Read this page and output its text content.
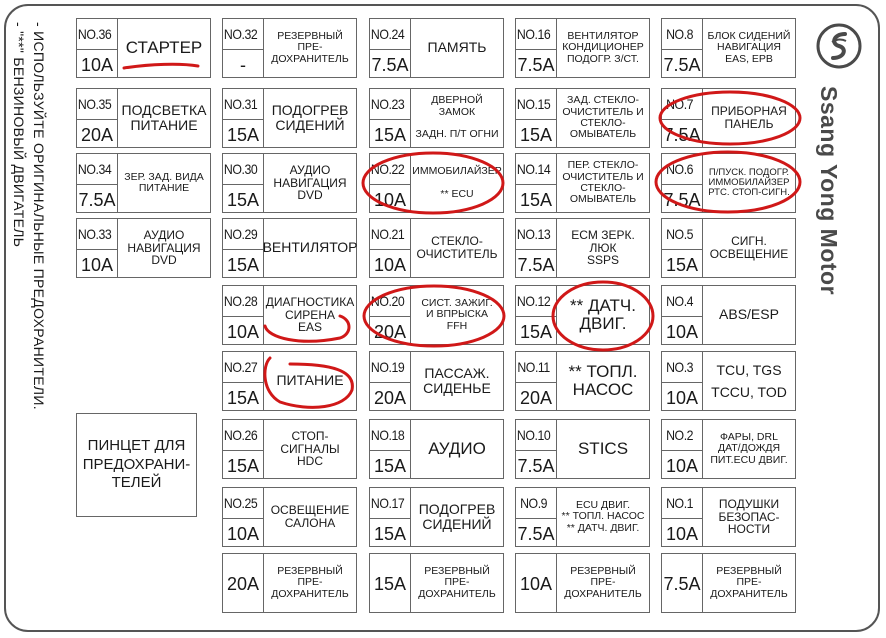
- ИСПОЛЬЗУЙТЕ ОРИГИНАЛЬНЫЕ ПРЕДОХРАНИТЕЛИ.
- "**" БЕНЗИНОВЫЙ ДВИГАТЕЛЬ	NO.36
10A
СТАРТЕР
NO.35
20A
ПОДСВЕТКА
ПИТАНИЕ
NO.34
7.5A
ЗЕР. ЗАД. ВИДА
ПИТАНИЕ
NO.33
10A
АУДИО
НАВИГАЦИЯ
DVD
ПИНЦЕТ ДЛЯ
ПРЕДОХРАНИ-
ТЕЛЕЙ
NO.32
-
РЕЗЕРВНЫЙ ПРЕ-
ДОХРАНИТЕЛЬ
NO.31
15A
ПОДОГРЕВ
СИДЕНИЙ
NO.30
15A
АУДИО
НАВИГАЦИЯ
DVD
NO.29
15A
ВЕНТИЛЯТОР
NO.28
10A
ДИАГНОСТИКА
СИРЕНА
EAS
NO.27
15A
ПИТАНИЕ
NO.26
15A
СТОП-СИГНАЛЫ
HDC
NO.25
10A
ОСВЕЩЕНИЕ
САЛОНА
20A
РЕЗЕРВНЫЙ ПРЕ-
ДОХРАНИТЕЛЬ
NO.24
7.5A
ПАМЯТЬ
NO.23
15A
ДВЕРНОЙ ЗАМОК

ЗАДН. П/Т ОГНИ
NO.22
10A
ИММОБИЛАЙЗЕР

** ECU
NO.21
10A
СТЕКЛО-
ОЧИСТИТЕЛЬ
NO.20
20A
СИСТ. ЗАЖИГ.
И ВПРЫСКА
FFH
NO.19
20A
ПАССАЖ.
СИДЕНЬЕ
NO.18
15A
АУДИО
NO.17
15A
ПОДОГРЕВ
СИДЕНИЙ
15A
РЕЗЕРВНЫЙ ПРЕ-
ДОХРАНИТЕЛЬ
NO.16
7.5A
ВЕНТИЛЯТОР
КОНДИЦИОНЕР
ПОДОГР. З/СТ.
NO.15
15A
ЗАД. СТЕКЛО-
ОЧИСТИТЕЛЬ И
СТЕКЛО-
ОМЫВАТЕЛЬ
NO.14
15A
ПЕР. СТЕКЛО-
ОЧИСТИТЕЛЬ И
СТЕКЛО-
ОМЫВАТЕЛЬ
NO.13
7.5A
ECM ЗЕРК.
ЛЮК
SSPS
NO.12
15A
** ДАТЧ.
ДВИГ.
NO.11
20A
** ТОПЛ.
НАСОС
NO.10
7.5A
STICS
NO.9
7.5A
ECU ДВИГ.
** ТОПЛ. НАСОС
** ДАТЧ. ДВИГ.
10A
РЕЗЕРВНЫЙ ПРЕ-
ДОХРАНИТЕЛЬ
NO.8
7.5A
БЛОК СИДЕНИЙ
НАВИГАЦИЯ
EAS, EPB
NO.7
7.5A
ПРИБОРНАЯ
ПАНЕЛЬ
NO.6
7.5A
П/ПУСК. ПОДОГР.
ИММОБИЛАЙЗЕР
РТС. СТОП-СИГН.
NO.5
15A
СИГН.
ОСВЕЩЕНИЕ
NO.4
10A
ABS/ESP
NO.3
10A
TCU, TGS
TCCU, TOD
NO.2
10A
ФАРЫ, DRL
ДАТ/ДОЖДЯ
ПИТ.ECU ДВИГ.
NO.1
10A
ПОДУШКИ
БЕЗОПАС-
НОСТИ
7.5A
РЕЗЕРВНЫЙ ПРЕ-
ДОХРАНИТЕЛЬ
Ssang Yong Motor
